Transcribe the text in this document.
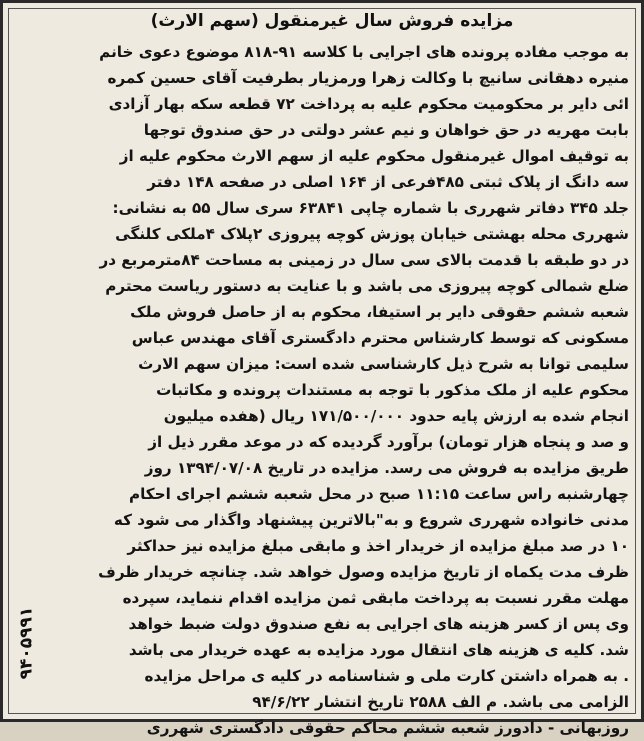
مزایده فروش سال غیرمنقول (سهم الارث)
به موجب مفاده پرونده های اجرایی با کلاسه ۹۱-۸۱۸ موضوع دعوی خانم
منیره دهقانی سانیچ با وکالت زهرا ورمزیار بطرفیت آقای حسین کمره
ائی دایر بر محکومیت محکوم علیه به پرداخت ۷۲ قطعه سکه بهار آزادی
بابت مهریه در حق خواهان و نیم عشر دولتی در حق صندوق توجها
به توقیف اموال غیرمنقول محکوم علیه از سهم الارث محکوم علیه از
سه دانگ از پلاک ثبتی ۴۸۵فرعی از ۱۶۴ اصلی در صفحه ۱۴۸ دفتر
جلد ۳۴۵ دفاتر شهرری با شماره چاپی ۶۳۸۴۱ سری سال ۵۵ به نشانی:
شهرری محله بهشتی خیابان پوزش کوچه پیروزی ۲پلاک ۴ملکی کلنگی
در دو طبقه با قدمت بالای سی سال در زمینی به مساحت ۸۴مترمربع در
ضلع شمالی کوچه پیروزی می باشد و با عنایت به دستور ریاست محترم
شعبه ششم حقوقی دایر بر استیفا، محکوم به از حاصل فروش ملک
مسکونی که توسط کارشناس محترم دادگستری آقای مهندس عباس
سلیمی توانا به شرح ذیل کارشناسی شده است: میزان سهم الارث
محکوم علیه از ملک مذکور با توجه به مستندات پرونده و مکاتبات
انجام شده به ارزش پایه حدود ۱۷۱/۵۰۰/۰۰۰ ریال (هفده میلیون
و صد و پنجاه هزار تومان) برآورد گردیده که در موعد مقرر ذیل از
طریق مزایده به فروش می رسد. مزایده در تاریخ ۱۳۹۴/۰۷/۰۸ روز
چهارشنبه راس ساعت ۱۱:۱۵ صبح در محل شعبه ششم اجرای احکام
مدنی خانواده شهرری شروع و به"بالاترین پیشنهاد واگذار می شود که
۱۰ در صد مبلغ مزایده از خریدار اخذ و مابقی مبلغ مزایده نیز حداکثر
ظرف مدت یکماه از تاریخ مزایده وصول خواهد شد. چنانچه خریدار ظرف
مهلت مقرر نسبت به پرداخت مابقی ثمن مزایده اقدام ننماید، سپرده
وی پس از کسر هزینه های اجرایی به نفع صندوق دولت ضبط خواهد
شد. کلیه ی هزینه های انتقال مورد مزایده به عهده خریدار می باشد
. به همراه داشتن کارت ملی و شناسنامه در کلیه ی مراحل مزایده
الزامی می باشد. م الف ۲۵۸۸ تاریخ انتشار ۹۴/۶/۲۲
روزبهانی - دادورز شعبه ششم محاکم حقوقی دادگستری شهرری
۹۴۰۵۹۹۱
